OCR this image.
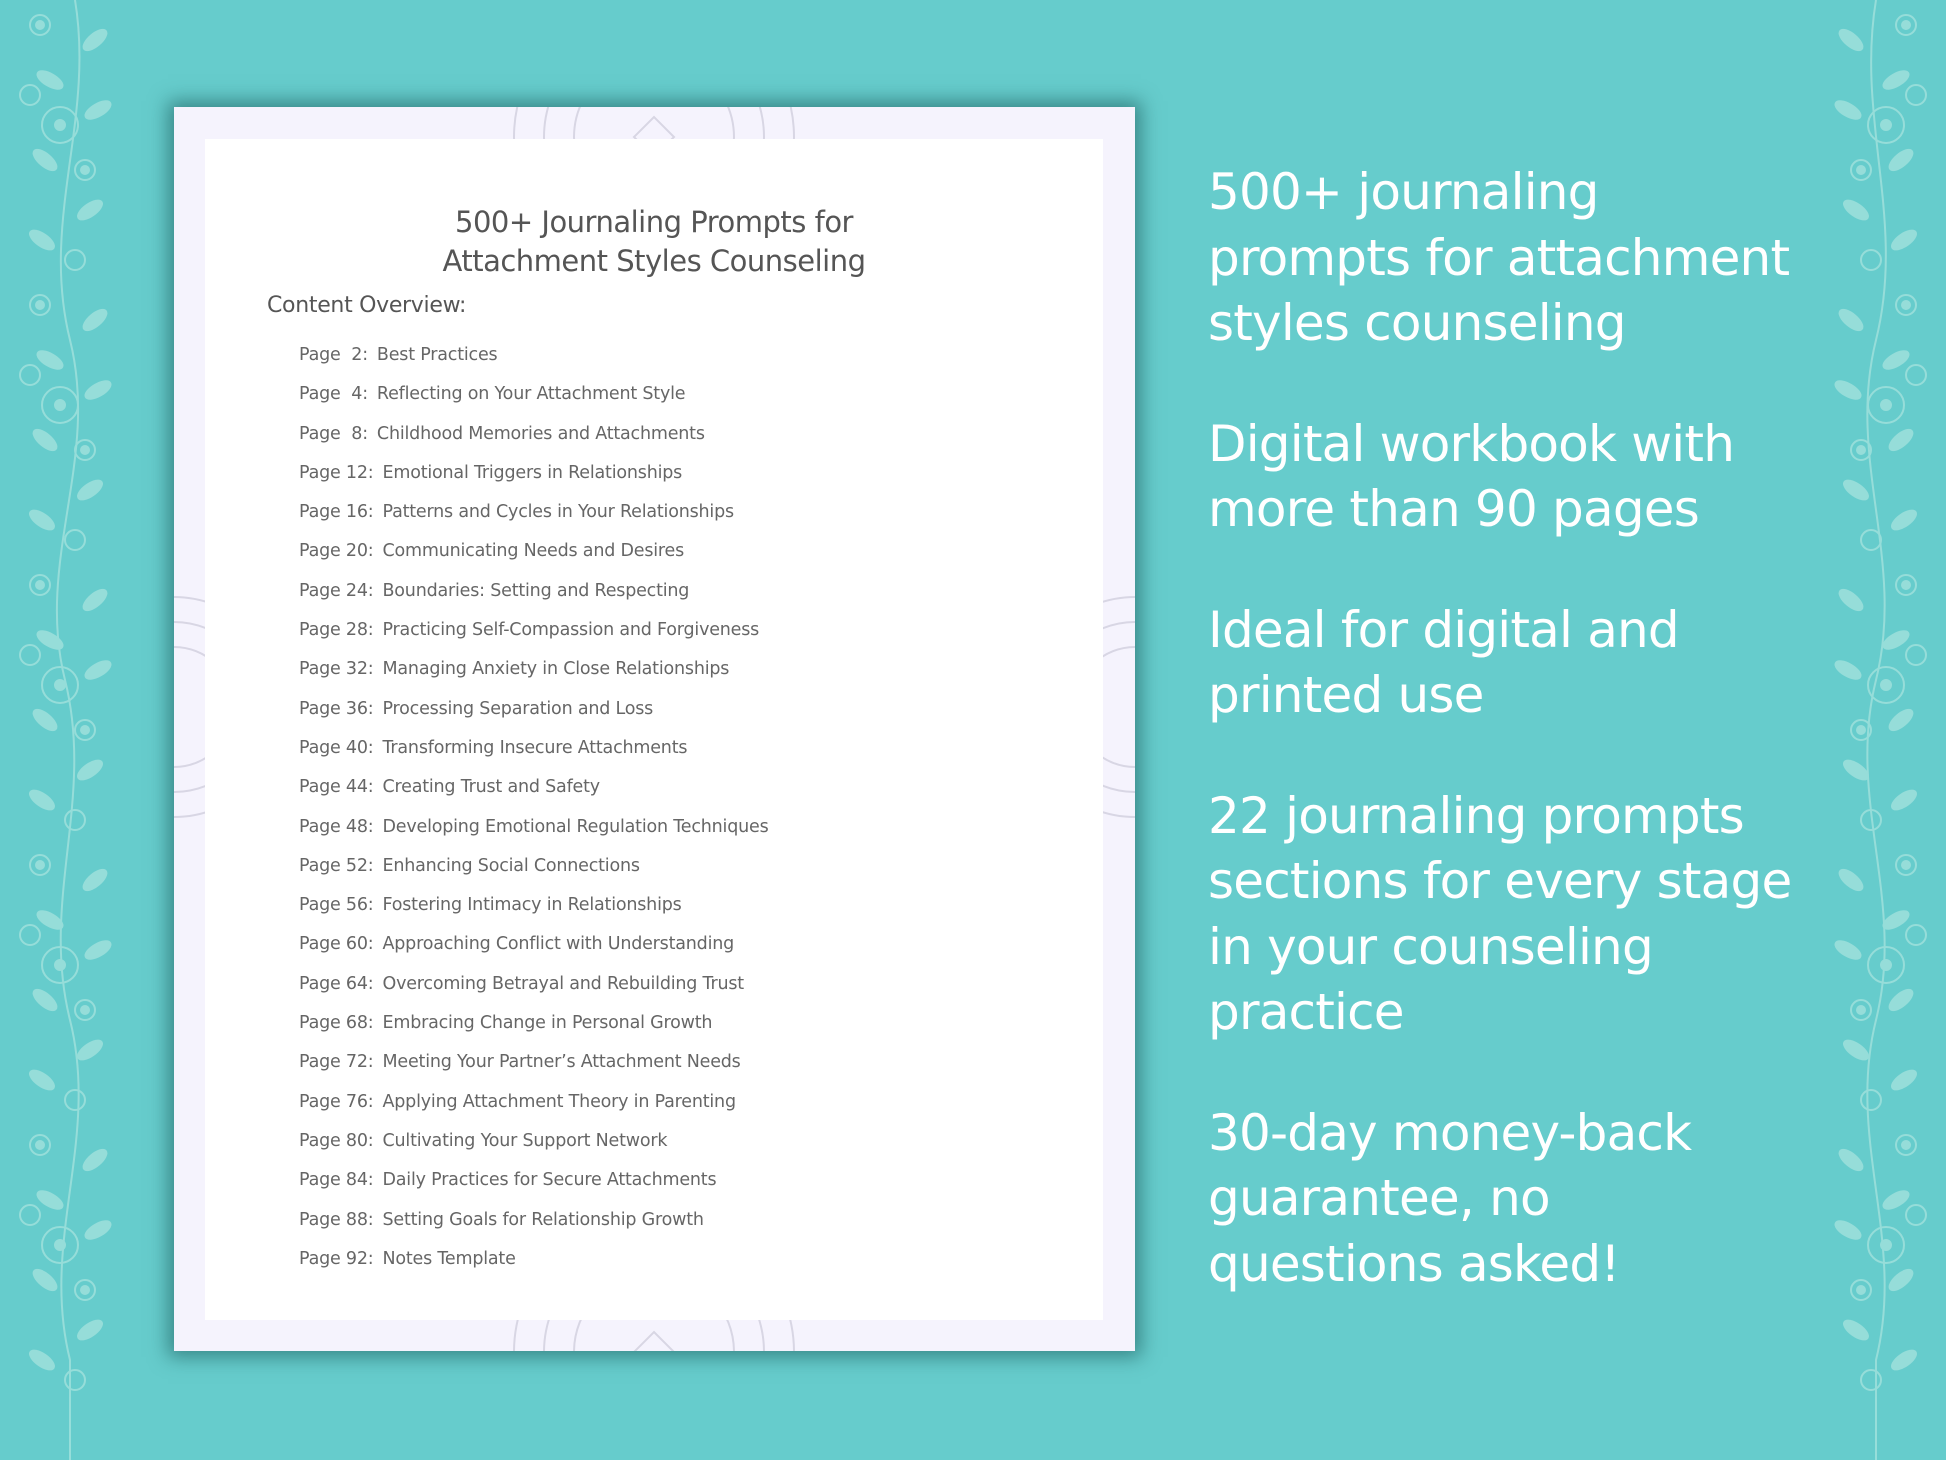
500+ Journaling Prompts for
Attachment Styles Counseling
Content Overview:
Page  2: Best Practices
Page  4: Reflecting on Your Attachment Style
Page  8: Childhood Memories and Attachments
Page 12: Emotional Triggers in Relationships
Page 16: Patterns and Cycles in Your Relationships
Page 20: Communicating Needs and Desires
Page 24: Boundaries: Setting and Respecting
Page 28: Practicing Self-Compassion and Forgiveness
Page 32: Managing Anxiety in Close Relationships
Page 36: Processing Separation and Loss
Page 40: Transforming Insecure Attachments
Page 44: Creating Trust and Safety
Page 48: Developing Emotional Regulation Techniques
Page 52: Enhancing Social Connections
Page 56: Fostering Intimacy in Relationships
Page 60: Approaching Conflict with Understanding
Page 64: Overcoming Betrayal and Rebuilding Trust
Page 68: Embracing Change in Personal Growth
Page 72: Meeting Your Partner’s Attachment Needs
Page 76: Applying Attachment Theory in Parenting
Page 80: Cultivating Your Support Network
Page 84: Daily Practices for Secure Attachments
Page 88: Setting Goals for Relationship Growth
Page 92: Notes Template
500+ journaling
prompts for attachment
styles counseling
Digital workbook with
more than 90 pages
Ideal for digital and
printed use
22 journaling prompts
sections for every stage
in your counseling
practice
30-day money-back
guarantee, no
questions asked!
